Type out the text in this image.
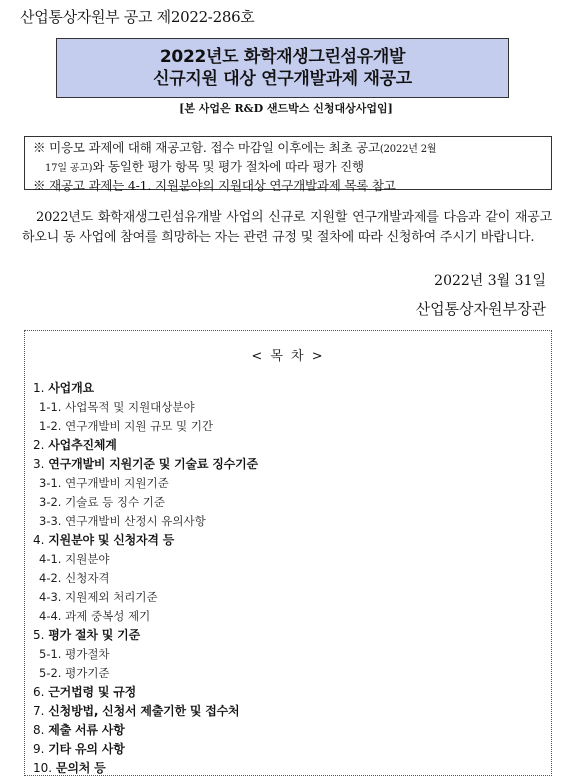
산업통상자원부 공고 제2022-286호
2022년도 화학재생그린섬유개발
신규지원 대상 연구개발과제 재공고
[본 사업은 R&D 샌드박스 신청대상사업임]
※ 미응모 과제에 대해 재공고함. 접수 마감일 이후에는 최초 공고(2022년 2월
17일 공고)와 동일한 평가 항목 및 평가 절차에 따라 평가 진행
※ 재공고 과제는 4-1. 지원분야의 지원대상 연구개발과제 목록 참고
2022년도 화학재생그린섬유개발 사업의 신규로 지원할 연구개발과제를 다음과 같이 재공고하오니 동 사업에 참여를 희망하는 자는 관련 규정 및 절차에 따라 신청하여 주시기 바랍니다.
2022년 3월 31일
산업통상자원부장관
< 목 차 >
1. 사업개요
1-1. 사업목적 및 지원대상분야
1-2. 연구개발비 지원 규모 및 기간
2. 사업추진체계
3. 연구개발비 지원기준 및 기술료 징수기준
3-1. 연구개발비 지원기준
3-2. 기술료 등 징수 기준
3-3. 연구개발비 산정시 유의사항
4. 지원분야 및 신청자격 등
4-1. 지원분야
4-2. 신청자격
4-3. 지원제외 처리기준
4-4. 과제 중복성 제기
5. 평가 절차 및 기준
5-1. 평가절차
5-2. 평가기준
6. 근거법령 및 규정
7. 신청방법, 신청서 제출기한 및 접수처
8. 제출 서류 사항
9. 기타 유의 사항
10. 문의처 등
